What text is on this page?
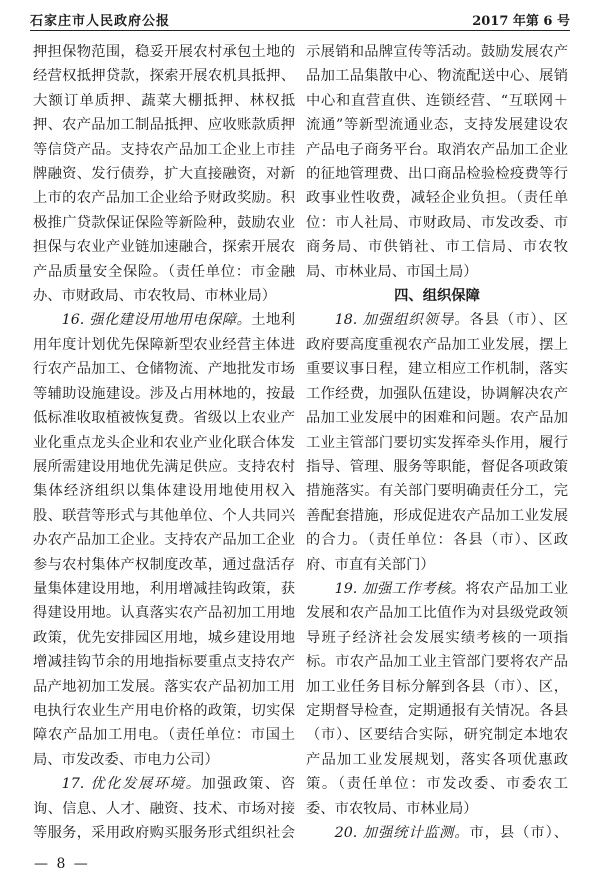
石家庄市人民政府公报	2017 年第 6 号

押担保物范围，稳妥开展农村承包土地的经营权抵押贷款，探索开展农机具抵押、大额订单质押、蔬菜大棚抵押、林权抵押、农产品加工制品抵押、应收账款质押等信贷产品。支持农产品加工企业上市挂牌融资、发行债券，扩大直接融资，对新上市的农产品加工企业给予财政奖励。积极推广贷款保证保险等新险种，鼓励农业担保与农业产业链加速融合，探索开展农产品质量安全保险。（责任单位：市金融办、市财政局、市农牧局、市林业局）

16. 强化建设用地用电保障。土地利用年度计划优先保障新型农业经营主体进行农产品加工、仓储物流、产地批发市场等辅助设施建设。涉及占用林地的，按最低标准收取植被恢复费。省级以上农业产业化重点龙头企业和农业产业化联合体发展所需建设用地优先满足供应。支持农村集体经济组织以集体建设用地使用权入股、联营等形式与其他单位、个人共同兴办农产品加工企业。支持农产品加工企业参与农村集体产权制度改革，通过盘活存量集体建设用地，利用增减挂钩政策，获得建设用地。认真落实农产品初加工用地政策，优先安排园区用地，城乡建设用地增减挂钩节余的用地指标要重点支持农产品产地初加工发展。落实农产品初加工用电执行农业生产用电价格的政策，切实保障农产品加工用电。（责任单位：市国土局、市发改委、市电力公司）

17. 优化发展环境。加强政策、咨询、信息、人才、融资、技术、市场对接等服务，采用政府购买服务形式组织社会

示展销和品牌宣传等活动。鼓励发展农产品加工品集散中心、物流配送中心、展销中心和直营直供、连锁经营、“互联网＋流通”等新型流通业态，支持发展建设农产品电子商务平台。取消农产品加工企业的征地管理费、出口商品检验检疫费等行政事业性收费，减轻企业负担。（责任单位：市人社局、市财政局、市发改委、市商务局、市供销社、市工信局、市农牧局、市林业局、市国土局）

四、组织保障

18. 加强组织领导。各县（市）、区政府要高度重视农产品加工业发展，摆上重要议事日程，建立相应工作机制，落实工作经费，加强队伍建设，协调解决农产品加工业发展中的困难和问题。农产品加工业主管部门要切实发挥牵头作用，履行指导、管理、服务等职能，督促各项政策措施落实。有关部门要明确责任分工，完善配套措施，形成促进农产品加工业发展的合力。（责任单位：各县（市）、区政府、市直有关部门）

19. 加强工作考核。将农产品加工业发展和农产品加工比值作为对县级党政领导班子经济社会发展实绩考核的一项指标。市农产品加工业主管部门要将农产品加工业任务目标分解到各县（市）、区，定期督导检查，定期通报有关情况。各县（市）、区要结合实际，研究制定本地农产品加工业发展规划，落实各项优惠政策。（责任单位：市发改委、市委农工委、市农牧局、市林业局）

20. 加强统计监测。市，县（市）、

— 8 —
